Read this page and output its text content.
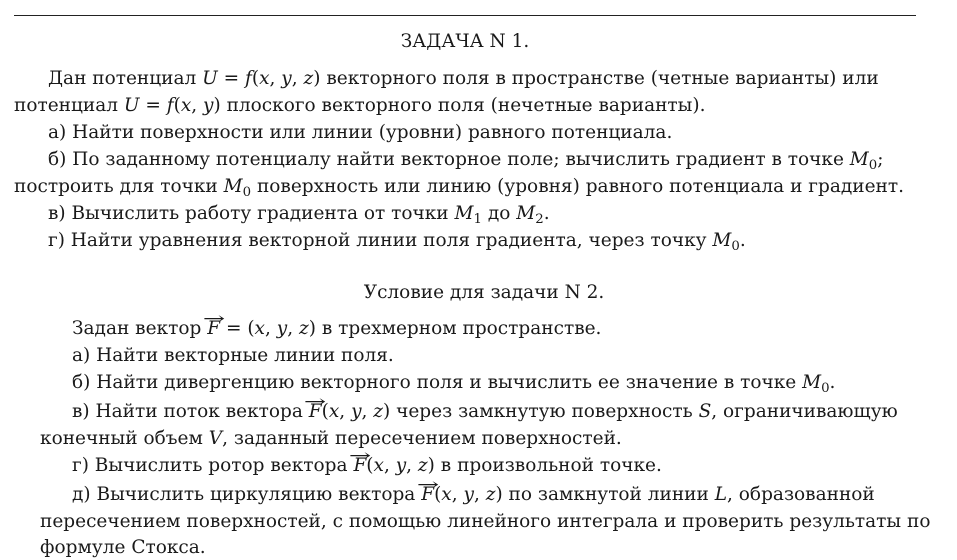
ЗАДАЧА N 1.
Дан потенциал U = f(x, y, z) векторного поля в пространстве (четные варианты) или
потенциал U = f(x, y) плоского векторного поля (нечетные варианты).
а) Найти поверхности или линии (уровни) равного потенциала.
б) По заданному потенциалу найти векторное поле; вычислить градиент в точке $M_0$;
построить для точки $M_0$ поверхность или линию (уровня) равного потенциала и градиент.
в) Вычислить работу градиента от точки $M_1$ до $M_2$.
г) Найти уравнения векторной линии поля градиента, через точку $M_0$.
Условие для задачи N 2.
Задан вектор → F = (x, y, z) в трехмерном пространстве.
а) Найти векторные линии поля.
б) Найти дивергенцию векторного поля и вычислить ее значение в точке $M_0$.
в) Найти поток вектора → F(x, y, z) через замкнутую поверхность S, ограничивающую
конечный объем V, заданный пересечением поверхностей.
г) Вычислить ротор вектора → F(x, y, z) в произвольной точке.
д) Вычислить циркуляцию вектора → F(x, y, z) по замкнутой линии L, образованной
пересечением поверхностей, с помощью линейного интеграла и проверить результаты по
формуле Стокса.
